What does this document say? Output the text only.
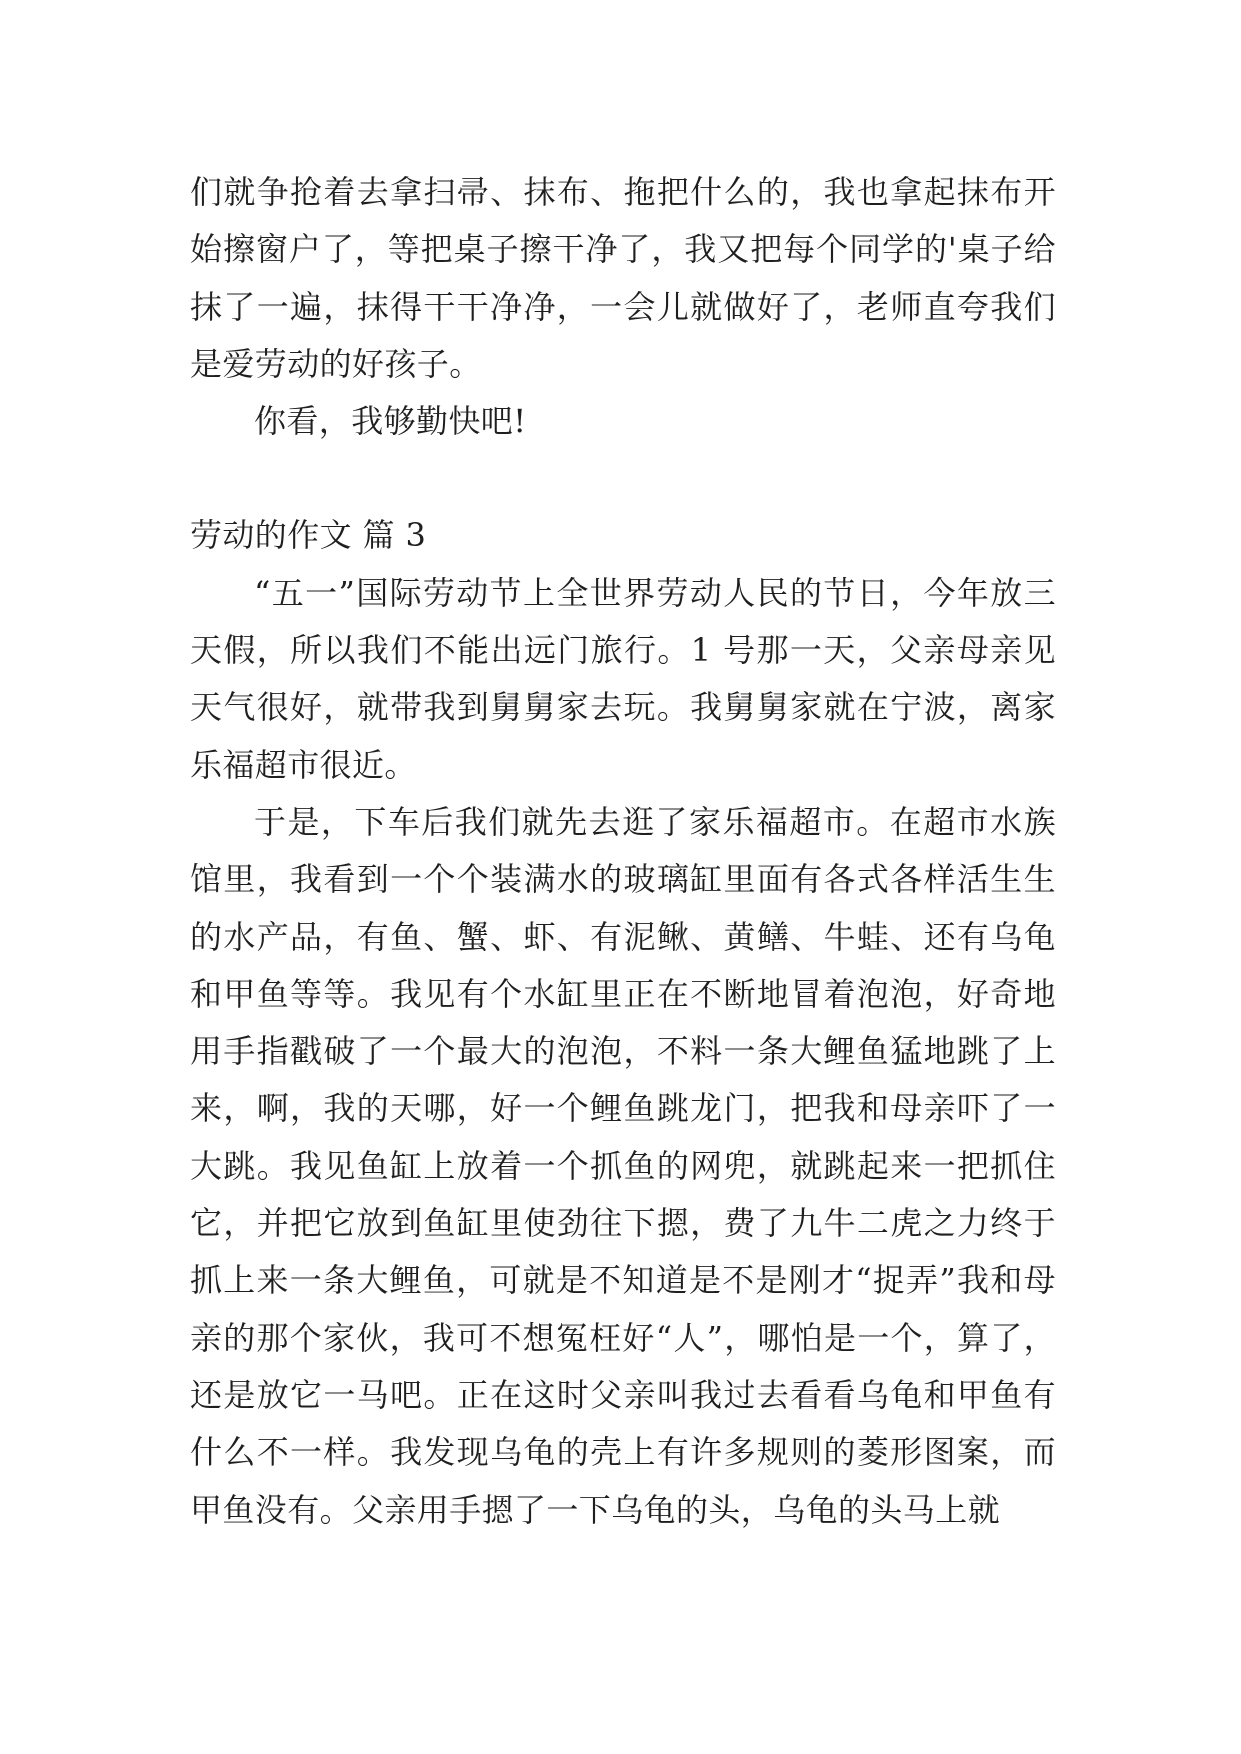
们就争抢着去拿扫帚、抹布、拖把什么的，我也拿起抹布开始擦窗户了，等把桌子擦干净了，我又把每个同学的'桌子给抹了一遍，抹得干干净净，一会儿就做好了，老师直夸我们是爱劳动的好孩子。

你看，我够勤快吧!

劳动的作文 篇 3

“五一”国际劳动节上全世界劳动人民的节日，今年放三天假，所以我们不能出远门旅行。1 号那一天，父亲母亲见天气很好，就带我到舅舅家去玩。我舅舅家就在宁波，离家乐福超市很近。

于是，下车后我们就先去逛了家乐福超市。在超市水族馆里，我看到一个个装满水的玻璃缸里面有各式各样活生生的水产品，有鱼、蟹、虾、有泥鳅、黄鳝、牛蛙、还有乌龟和甲鱼等等。我见有个水缸里正在不断地冒着泡泡，好奇地用手指戳破了一个最大的泡泡，不料一条大鲤鱼猛地跳了上来，啊，我的天哪，好一个鲤鱼跳龙门，把我和母亲吓了一大跳。我见鱼缸上放着一个抓鱼的网兜，就跳起来一把抓住它，并把它放到鱼缸里使劲往下摁，费了九牛二虎之力终于抓上来一条大鲤鱼，可就是不知道是不是刚才“捉弄”我和母亲的那个家伙，我可不想冤枉好“人”，哪怕是一个，算了，还是放它一马吧。正在这时父亲叫我过去看看乌龟和甲鱼有什么不一样。我发现乌龟的壳上有许多规则的菱形图案，而甲鱼没有。父亲用手摁了一下乌龟的头，乌龟的头马上就
